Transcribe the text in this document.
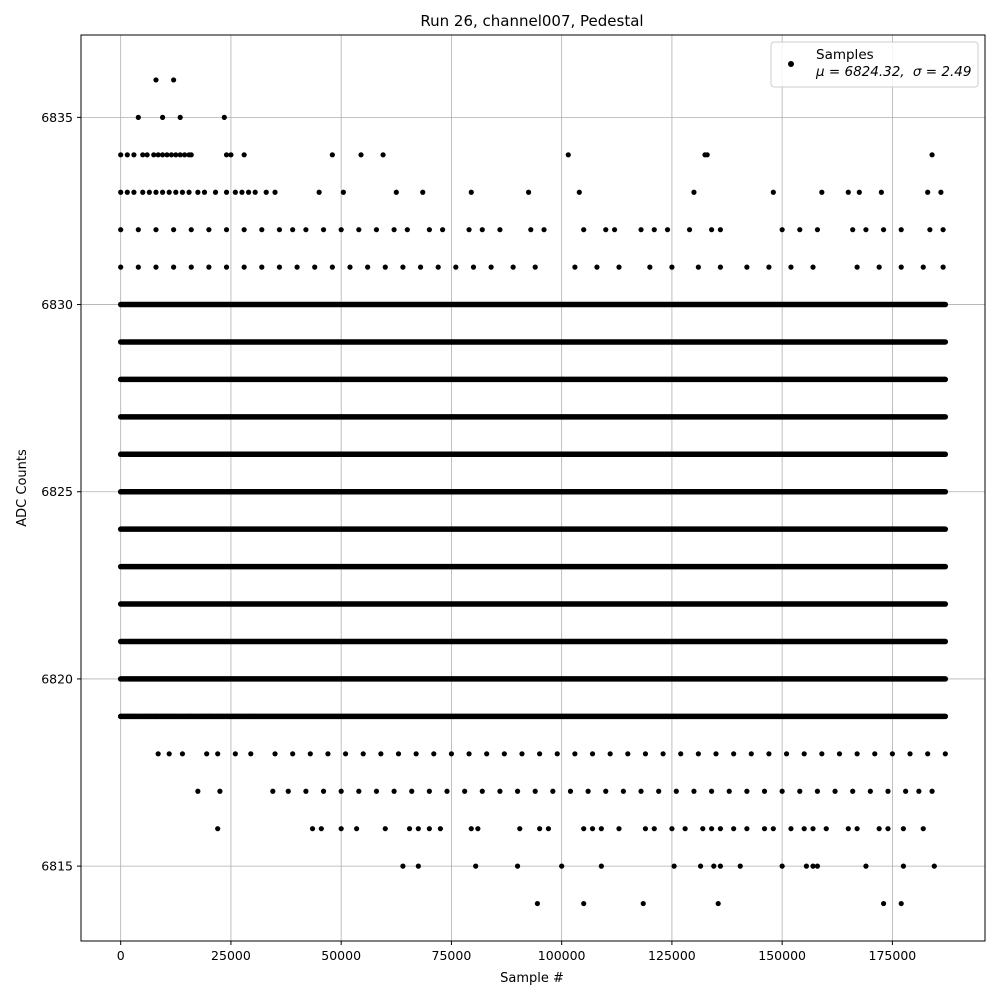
Run 26, channel007, Pedestal
0	25000	50000	75000	100000	125000	150000	175000
6815
6820
6825
6830
6835
Sample #
ADC Counts
Samples
μ = 6824.32, σ = 2.49
